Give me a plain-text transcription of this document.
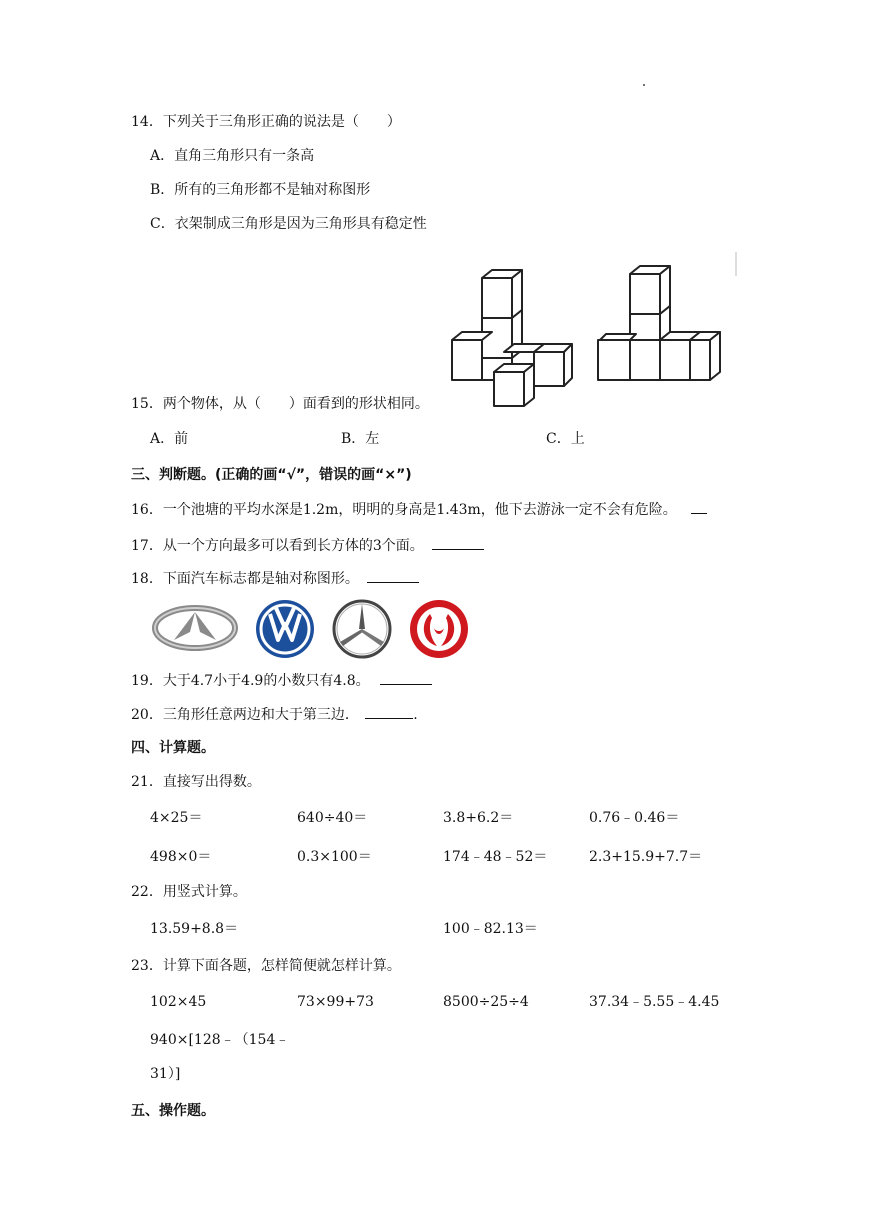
14．下列关于三角形正确的说法是（　　）
A．直角三角形只有一条高
B．所有的三角形都不是轴对称图形
C．衣架制成三角形是因为三角形具有稳定性
15．两个物体，从（　　）面看到的形状相同。
A．前	B．左	C．上
三、判断题。(正确的画“√”，错误的画“×”)
16．一个池塘的平均水深是1.2m，明明的身高是1.43m，他下去游泳一定不会有危险。
17．从一个方向最多可以看到长方体的3个面。
18．下面汽车标志都是轴对称图形。
19．大于4.7小于4.9的小数只有4.8。
20．三角形任意两边和大于第三边．	.
四、计算题。
21．直接写出得数。
4×25＝	640÷40＝	3.8+6.2＝	0.76﹣0.46＝
498×0＝	0.3×100＝	174﹣48﹣52＝	2.3+15.9+7.7＝
22．用竖式计算。
13.59+8.8＝	100﹣82.13＝
23．计算下面各题，怎样简便就怎样计算。
102×45	73×99+73	8500÷25÷4	37.34﹣5.55﹣4.45
940×[128﹣（154﹣
31）]
五、操作题。
